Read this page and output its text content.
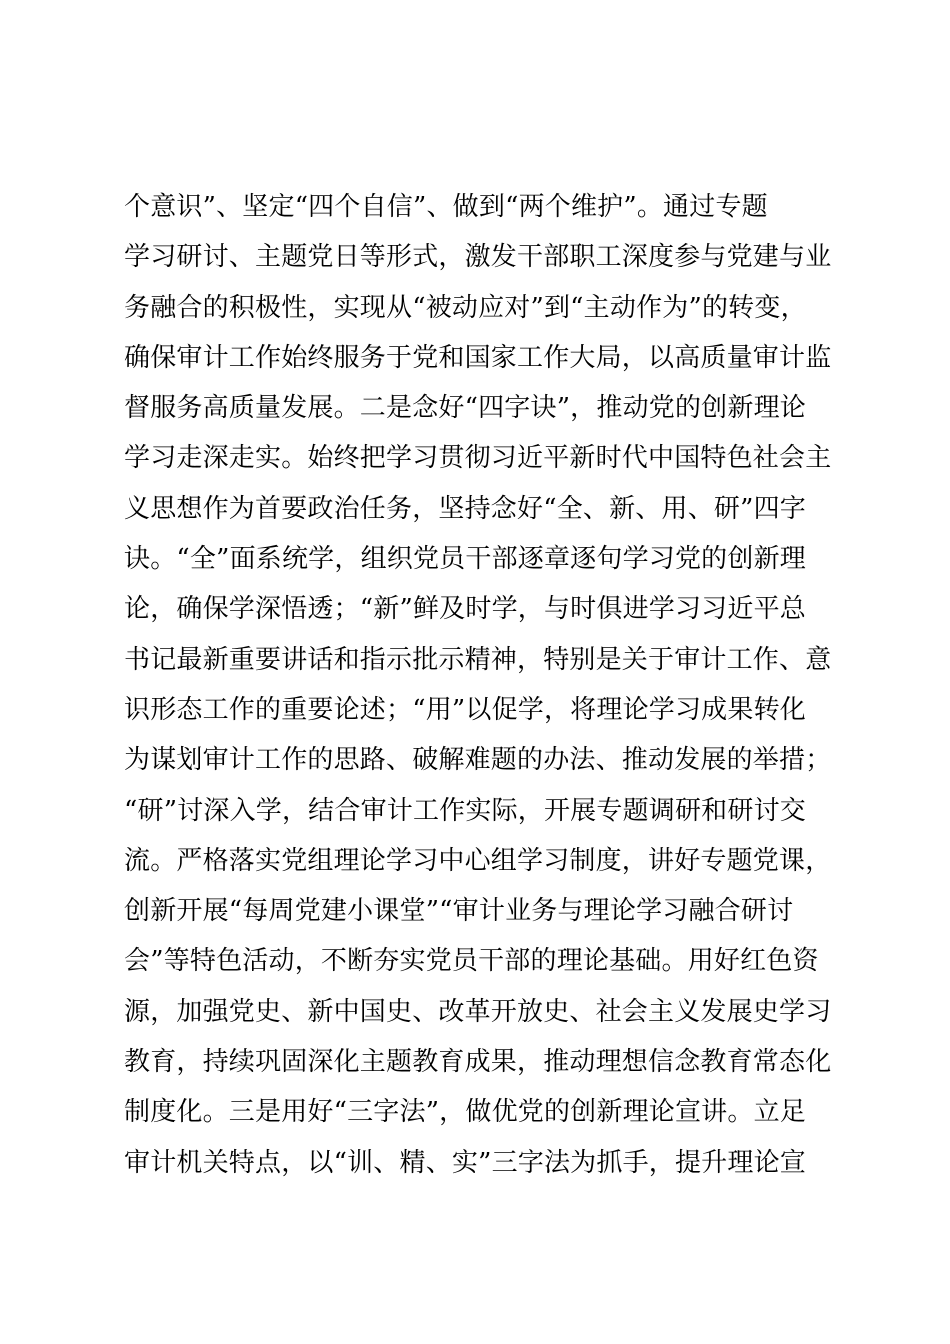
个意识”、坚定“四个自信”、做到“两个维护”。通过专题
学习研讨、主题党日等形式，激发干部职工深度参与党建与业
务融合的积极性，实现从“被动应对”到“主动作为”的转变，
确保审计工作始终服务于党和国家工作大局，以高质量审计监
督服务高质量发展。二是念好“四字诀”，推动党的创新理论
学习走深走实。始终把学习贯彻习近平新时代中国特色社会主
义思想作为首要政治任务，坚持念好“全、新、用、研”四字
诀。“全”面系统学，组织党员干部逐章逐句学习党的创新理
论，确保学深悟透；“新”鲜及时学，与时俱进学习习近平总
书记最新重要讲话和指示批示精神，特别是关于审计工作、意
识形态工作的重要论述；“用”以促学，将理论学习成果转化
为谋划审计工作的思路、破解难题的办法、推动发展的举措；
“研”讨深入学，结合审计工作实际，开展专题调研和研讨交
流。严格落实党组理论学习中心组学习制度，讲好专题党课，
创新开展“每周党建小课堂”“审计业务与理论学习融合研讨
会”等特色活动，不断夯实党员干部的理论基础。用好红色资
源，加强党史、新中国史、改革开放史、社会主义发展史学习
教育，持续巩固深化主题教育成果，推动理想信念教育常态化
制度化。三是用好“三字法”，做优党的创新理论宣讲。立足
审计机关特点，以“训、精、实”三字法为抓手，提升理论宣
